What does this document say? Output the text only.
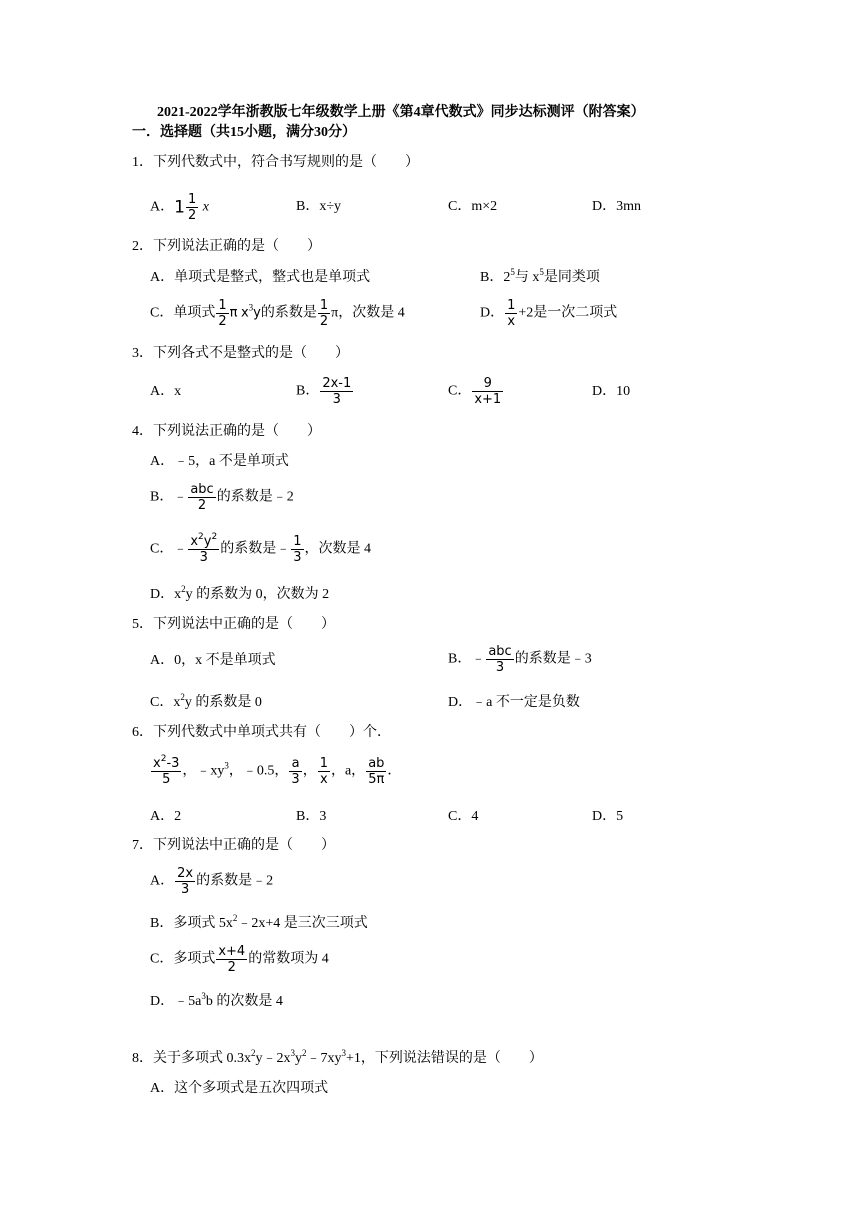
2021-2022学年浙教版七年级数学上册《第4章代数式》同步达标测评（附答案）
一．选择题（共15小题，满分30分）
1．下列代数式中，符合书写规则的是（　　）
A．$1 \frac{1}{2}$ x	B．x÷y	C．m×2	D．3mn
2．下列说法正确的是（　　）
A．单项式是整式，整式也是单项式	B．$2^5$与 $x^5$是同类项
C．单项式 $\frac{1}{2}$ π $x^3y$的系数是 $\frac{1}{2}$ π，次数是 4	D． $\frac{1}{x} +2$是一次二项式
3．下列各式不是整式的是（　　）
A．x	B． $\frac{2x-1}{3}$	C． $\frac{9}{x+1}$	D．10
4．下列说法正确的是（　　）
A．﹣5，a 不是单项式
B．﹣ $\frac{\text{abc}}{2}$ 的系数是﹣2
C．﹣ $\frac{x^2y^2}{3}$ 的系数是﹣ $\frac{1}{3}$ ，次数是 4
D．$x^2y$ 的系数为 0，次数为 2
5．下列说法中正确的是（　　）
A．0，x 不是单项式	B．﹣ $\frac{\text{abc}}{3}$ 的系数是﹣3
C．$x^2y$ 的系数是 0	D．﹣a 不一定是负数
6．下列代数式中单项式共有（　　）个．
$\frac{x^2-3}{5}$ ，$﹣xy^3$，﹣0.5， $\frac{a}{3}$ ， $\frac{1}{x}$ ，a， $\frac{ab}{5\pi}$ ．
A．2	B．3	C．4	D．5
7．下列说法中正确的是（　　）
A． $\frac{2x}{3}$ 的系数是﹣2
B．多项式 $5x^2﹣2x+4$ 是三次三项式
C．多项式 $\frac{x+4}{2}$ 的常数项为 4
D．$﹣5a^3b$ 的次数是 4
8．关于多项式 $0.3x^2y﹣2x^3y^2﹣7xy^3+1$，下列说法错误的是（　　）
A．这个多项式是五次四项式
